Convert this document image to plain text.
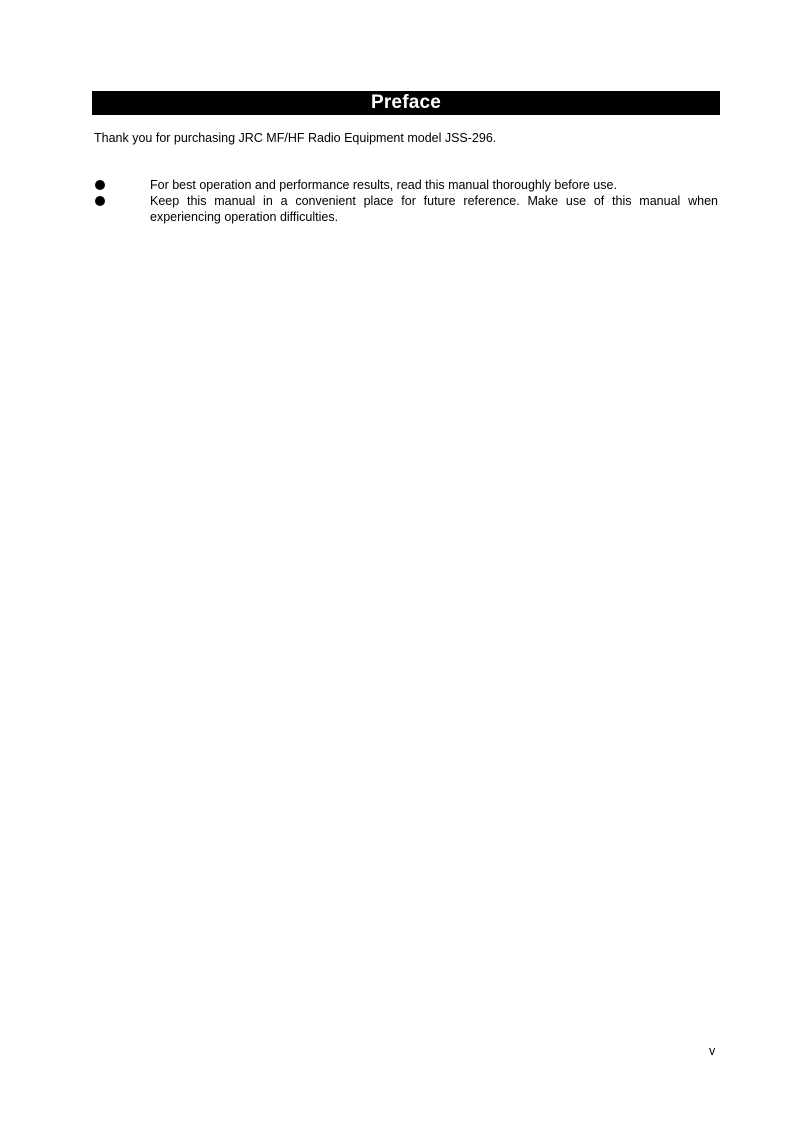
Preface
Thank you for purchasing JRC MF/HF Radio Equipment model JSS-296.
For best operation and performance results, read this manual thoroughly before use.
Keep this manual in a convenient place for future reference. Make use of this manual when experiencing operation difficulties.
v
